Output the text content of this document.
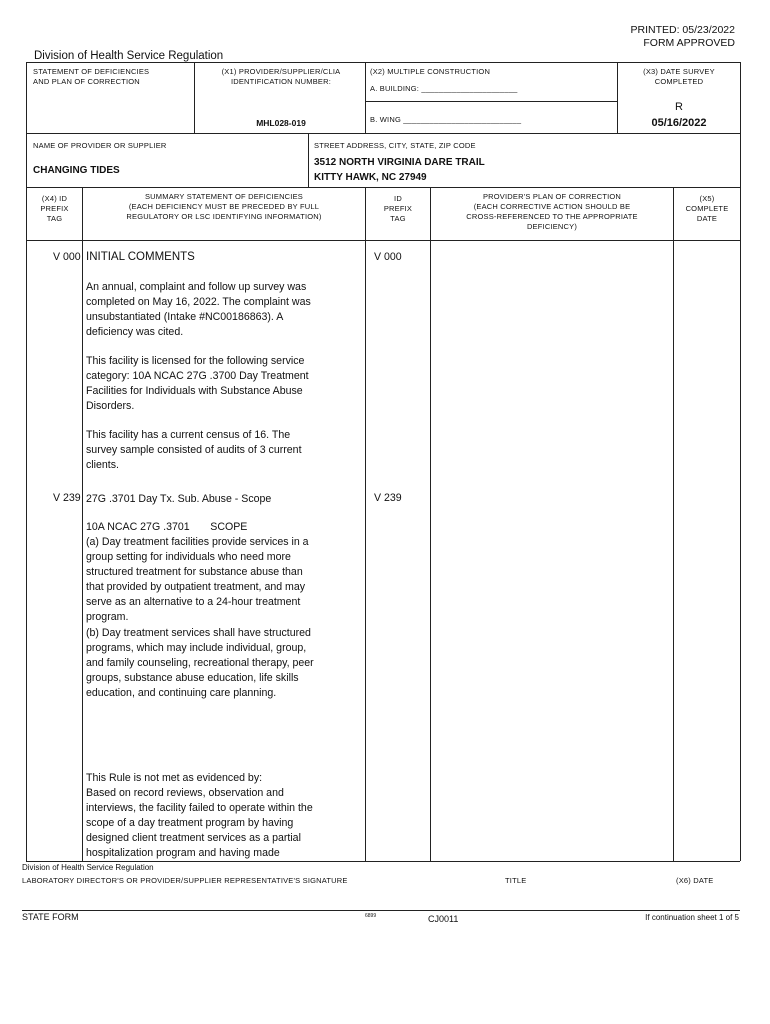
PRINTED: 05/23/2022
FORM APPROVED
Division of Health Service Regulation
STATEMENT OF DEFICIENCIES
AND PLAN OF CORRECTION
(X1) PROVIDER/SUPPLIER/CLIA
IDENTIFICATION NUMBER:
MHL028-019
(X2) MULTIPLE CONSTRUCTION
A. BUILDING: ______________________
B. WING ___________________________
(X3) DATE SURVEY
COMPLETED
R
05/16/2022
NAME OF PROVIDER OR SUPPLIER
CHANGING TIDES
STREET ADDRESS, CITY, STATE, ZIP CODE
3512 NORTH VIRGINIA DARE TRAIL
KITTY HAWK, NC 27949
(X4) ID
PREFIX
TAG
SUMMARY STATEMENT OF DEFICIENCIES
(EACH DEFICIENCY MUST BE PRECEDED BY FULL
REGULATORY OR LSC IDENTIFYING INFORMATION)
ID
PREFIX
TAG
PROVIDER'S PLAN OF CORRECTION
(EACH CORRECTIVE ACTION SHOULD BE
CROSS-REFERENCED TO THE APPROPRIATE
DEFICIENCY)
(X5)
COMPLETE
DATE
V 000	V 000
INITIAL COMMENTS
An annual, complaint and follow up survey was
completed on May 16, 2022. The complaint was
unsubstantiated (Intake #NC00186863). A
deficiency was cited.
This facility is licensed for the following service
category: 10A NCAC 27G .3700 Day Treatment
Facilities for Individuals with Substance Abuse
Disorders.
This facility has a current census of 16. The
survey sample consisted of audits of 3 current
clients.
V 239	V 239
27G .3701 Day Tx. Sub. Abuse - Scope
10A NCAC 27G .3701       SCOPE
(a) Day treatment facilities provide services in a
group setting for individuals who need more
structured treatment for substance abuse than
that provided by outpatient treatment, and may
serve as an alternative to a 24-hour treatment
program.
(b) Day treatment services shall have structured
programs, which may include individual, group,
and family counseling, recreational therapy, peer
groups, substance abuse education, life skills
education, and continuing care planning.
This Rule is not met as evidenced by:
Based on record reviews, observation and
interviews, the facility failed to operate within the
scope of a day treatment program by having
designed client treatment services as a partial
hospitalization program and having made
Division of Health Service Regulation
LABORATORY DIRECTOR'S OR PROVIDER/SUPPLIER REPRESENTATIVE'S SIGNATURE	TITLE	(X6) DATE
STATE FORM	6899	CJ0011	If continuation sheet 1 of 5
